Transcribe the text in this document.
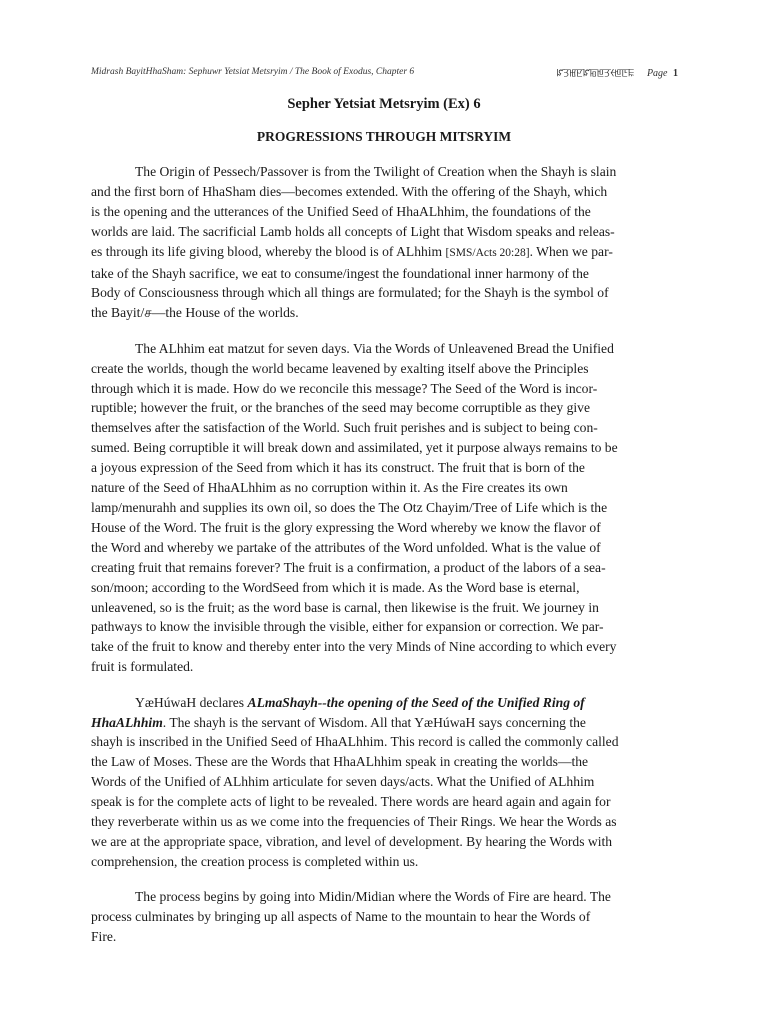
Midrash BayitHhaSham: Sephuwr Yetsiat Metsryim / The Book of Exodus, Chapter 6	ꡜꡗꡅꡢꡜꡂꡁꡗꡡꡁꡇꡀ Page 1
Sepher Yetsiat Metsryim (Ex) 6
PROGRESSIONS THROUGH MITSRYIM
The Origin of Pessech/Passover is from the Twilight of Creation when the Shayh is slain
and the first born of HhaSham dies—becomes extended. With the offering of the Shayh, which
is the opening and the utterances of the Unified Seed of HhaALhhim, the foundations of the
worlds are laid. The sacrificial Lamb holds all concepts of Light that Wisdom speaks and releas-
es through its life giving blood, whereby the blood is of ALhhim [SMS/Acts 20:28]. When we par-
take of the Shayh sacrifice, we eat to consume/ingest the foundational inner harmony of the
Body of Consciousness through which all things are formulated; for the Shayh is the symbol of
the Bayit/ச—the House of the worlds.
The ALhhim eat matzut for seven days. Via the Words of Unleavened Bread the Unified
create the worlds, though the world became leavened by exalting itself above the Principles
through which it is made. How do we reconcile this message? The Seed of the Word is incor-
ruptible; however the fruit, or the branches of the seed may become corruptible as they give
themselves after the satisfaction of the World. Such fruit perishes and is subject to being con-
sumed. Being corruptible it will break down and assimilated, yet it purpose always remains to be
a joyous expression of the Seed from which it has its construct. The fruit that is born of the
nature of the Seed of HhaALhhim as no corruption within it. As the Fire creates its own
lamp/menurahh and supplies its own oil, so does the The Otz Chayim/Tree of Life which is the
House of the Word. The fruit is the glory expressing the Word whereby we know the flavor of
the Word and whereby we partake of the attributes of the Word unfolded. What is the value of
creating fruit that remains forever? The fruit is a confirmation, a product of the labors of a sea-
son/moon; according to the WordSeed from which it is made. As the Word base is eternal,
unleavened, so is the fruit; as the word base is carnal, then likewise is the fruit. We journey in
pathways to know the invisible through the visible, either for expansion or correction. We par-
take of the fruit to know and thereby enter into the very Minds of Nine according to which every
fruit is formulated.
YæHúwaH declares ALmaShayh--the opening of the Seed of the Unified Ring of
HhaALhhim. The shayh is the servant of Wisdom. All that YæHúwaH says concerning the
shayh is inscribed in the Unified Seed of HhaALhhim. This record is called the commonly called
the Law of Moses. These are the Words that HhaALhhim speak in creating the worlds—the
Words of the Unified of ALhhim articulate for seven days/acts. What the Unified of ALhhim
speak is for the complete acts of light to be revealed. There words are heard again and again for
they reverberate within us as we come into the frequencies of Their Rings. We hear the Words as
we are at the appropriate space, vibration, and level of development. By hearing the Words with
comprehension, the creation process is completed within us.
The process begins by going into Midin/Midian where the Words of Fire are heard. The
process culminates by bringing up all aspects of Name to the mountain to hear the Words of
Fire.
